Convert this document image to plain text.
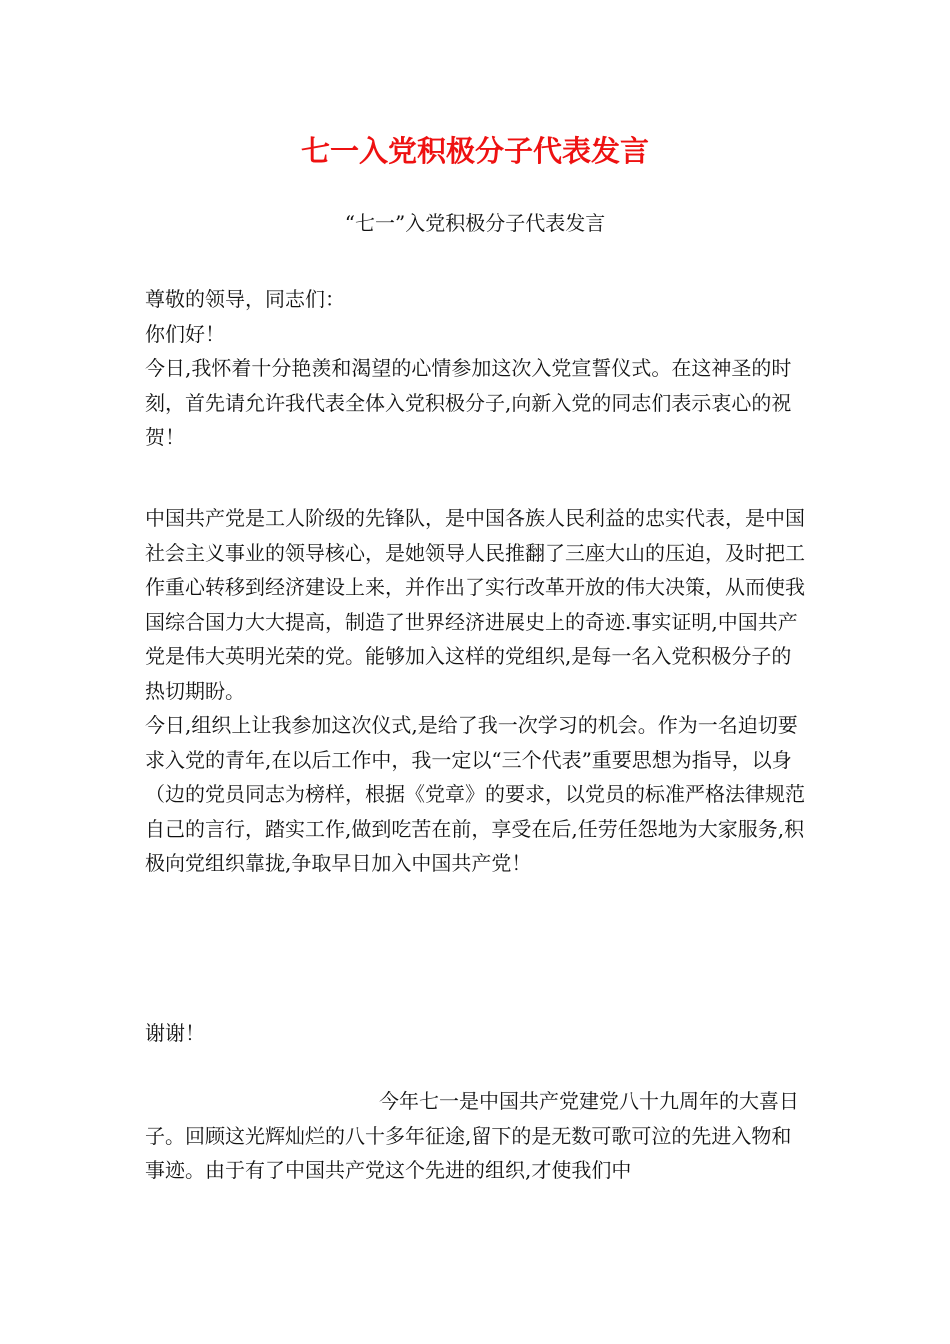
七一入党积极分子代表发言
“七一”入党积极分子代表发言

尊敬的领导，同志们：

你们好！

今日,我怀着十分艳羡和渴望的心情参加这次入党宣誓仪式。在这神圣的时刻，首先请允许我代表全体入党积极分子,向新入党的同志们表示衷心的祝贺！

中国共产党是工人阶级的先锋队，是中国各族人民利益的忠实代表，是中国社会主义事业的领导核心，是她领导人民推翻了三座大山的压迫，及时把工作重心转移到经济建设上来，并作出了实行改革开放的伟大决策，从而使我国综合国力大大提高，制造了世界经济进展史上的奇迹.事实证明,中国共产党是伟大英明光荣的党。能够加入这样的党组织,是每一名入党积极分子的热切期盼。

今日,组织上让我参加这次仪式,是给了我一次学习的机会。作为一名迫切要求入党的青年,在以后工作中，我一定以“三个代表”重要思想为指导，以身（边的党员同志为榜样，根据《党章》的要求，以党员的标准严格法律规范自己的言行，踏实工作,做到吃苦在前，享受在后,任劳任怨地为大家服务,积极向党组织靠拢,争取早日加入中国共产党！

谢谢！

今年七一是中国共产党建党八十九周年的大喜日子。回顾这光辉灿烂的八十多年征途,留下的是无数可歌可泣的先进入物和事迹。由于有了中国共产党这个先进的组织,才使我们中
